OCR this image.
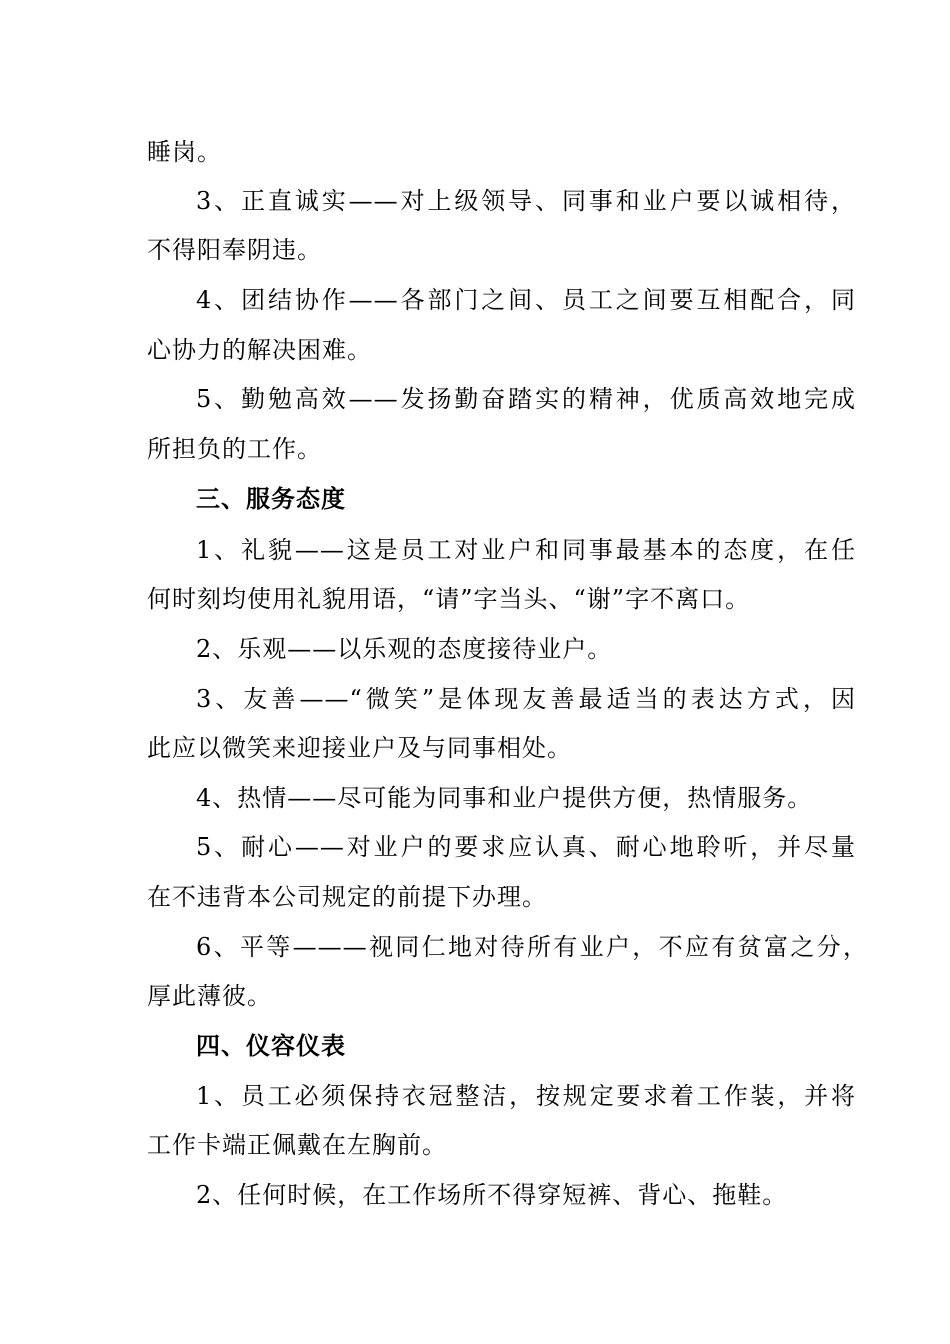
睡岗。
3、正直诚实——对上级领导、同事和业户要以诚相待，
不得阳奉阴违。
4、团结协作——各部门之间、员工之间要互相配合，同
心协力的解决困难。
5、勤勉高效——发扬勤奋踏实的精神，优质高效地完成
所担负的工作。
三、服务态度
1、礼貌——这是员工对业户和同事最基本的态度，在任
何时刻均使用礼貌用语，“请”字当头、“谢”字不离口。
2、乐观——以乐观的态度接待业户。
3、友善——“微笑”是体现友善最适当的表达方式，因
此应以微笑来迎接业户及与同事相处。
4、热情——尽可能为同事和业户提供方便，热情服务。
5、耐心——对业户的要求应认真、耐心地聆听，并尽量
在不违背本公司规定的前提下办理。
6、平等———视同仁地对待所有业户，不应有贫富之分，
厚此薄彼。
四、仪容仪表
1、员工必须保持衣冠整洁，按规定要求着工作装，并将
工作卡端正佩戴在左胸前。
2、任何时候，在工作场所不得穿短裤、背心、拖鞋。
